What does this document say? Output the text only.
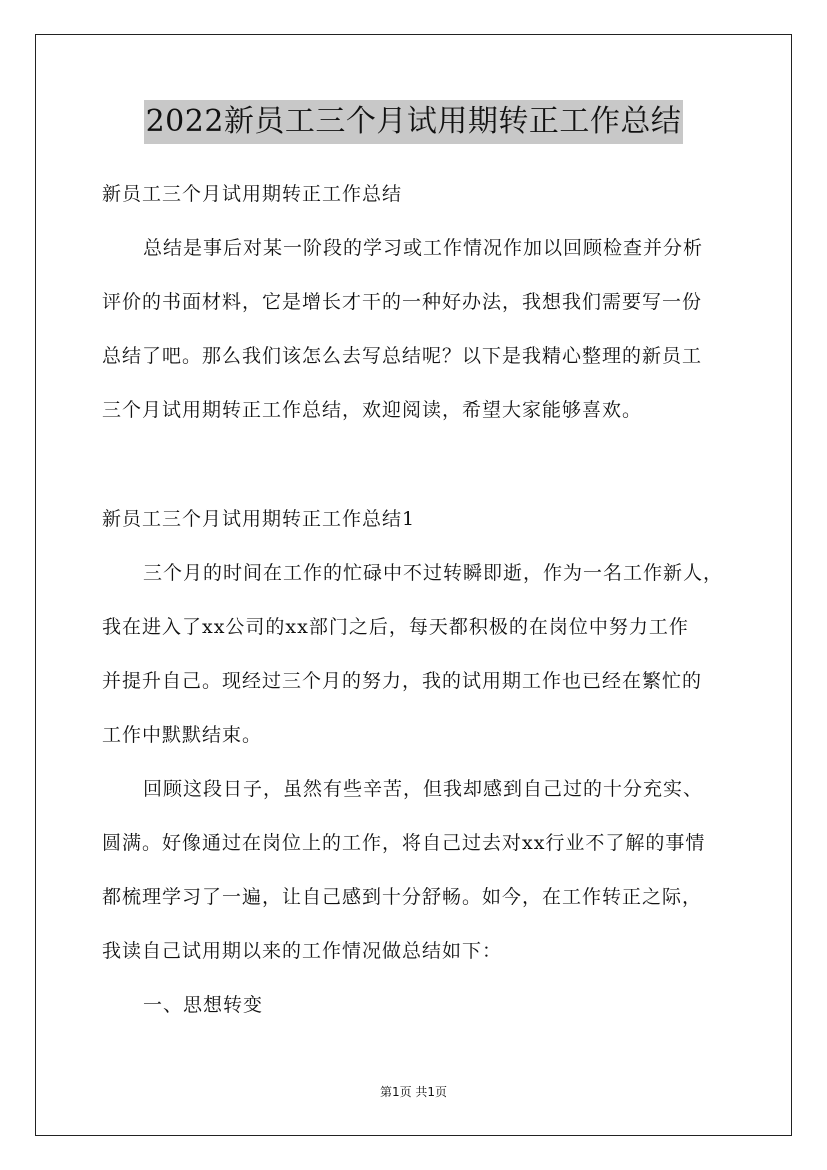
2022新员工三个月试用期转正工作总结
新员工三个月试用期转正工作总结
总结是事后对某一阶段的学习或工作情况作加以回顾检查并分析
评价的书面材料，它是增长才干的一种好办法，我想我们需要写一份
总结了吧。那么我们该怎么去写总结呢？以下是我精心整理的新员工
三个月试用期转正工作总结，欢迎阅读，希望大家能够喜欢。
新员工三个月试用期转正工作总结1
三个月的时间在工作的忙碌中不过转瞬即逝，作为一名工作新人，
我在进入了xx公司的xx部门之后，每天都积极的在岗位中努力工作
并提升自己。现经过三个月的努力，我的试用期工作也已经在繁忙的
工作中默默结束。
回顾这段日子，虽然有些辛苦，但我却感到自己过的十分充实、
圆满。好像通过在岗位上的工作，将自己过去对xx行业不了解的事情
都梳理学习了一遍，让自己感到十分舒畅。如今，在工作转正之际，
我读自己试用期以来的工作情况做总结如下：
一、思想转变
第1页 共1页
